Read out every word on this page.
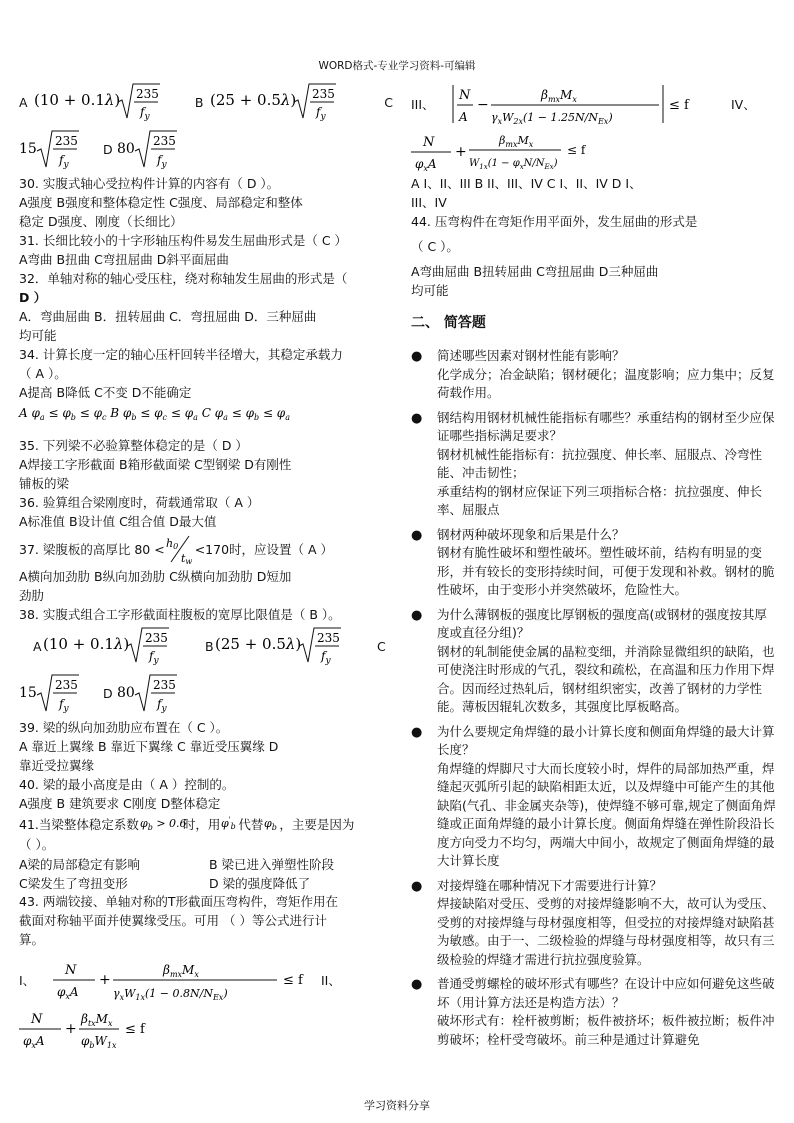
WORD格式-专业学习资料-可编辑
A (10 + 0.1λ) 235
$f_y$
B (25 + 0.5λ) 235
$f_y$
C
15 235
$f_y$
D 80 235
$f_y$

30. 实腹式轴心受拉构件计算的内容有（ D ）。

A强度 B强度和整体稳定性 C强度、局部稳定和整体

稳定 D强度、刚度（长细比）

31. 长细比较小的十字形轴压构件易发生屈曲形式是（ C ）

A弯曲 B扭曲 C弯扭屈曲 D斜平面屈曲

32．单轴对称的轴心受压柱，绕对称轴发生屈曲的形式是（

D ）

A．弯曲屈曲 B．扭转屈曲 C．弯扭屈曲 D．三种屈曲

均可能

34. 计算长度一定的轴心压杆回转半径增大，其稳定承载力

（ A ）。

A提高 B降低 C不变 D不能确定

A $\varphi_a \le \varphi_b \le \varphi_c$ B $\varphi_b \le \varphi_c \le \varphi_a$ C $\varphi_a \le \varphi_b \le \varphi_a$

35. 下列梁不必验算整体稳定的是（ D ）

A焊接工字形截面 B箱形截面梁 C型钢梁 D有刚性

铺板的梁

36. 验算组合梁刚度时，荷载通常取（ A ）

A标准值 B设计值 C组合值 D最大值

37. 梁腹板的高厚比 80 < h0
tw
<170时，应设置（ A ）

A横向加劲肋 B纵向加劲肋 C纵横向加劲肋 D短加

劲肋

38. 实腹式组合工字形截面柱腹板的宽厚比限值是（ B ）。

A (10 + 0.1λ) 235
$f_y$
B (25 + 0.5λ) 235
$f_y$
C
15 235
$f_y$
D 80 235
$f_y$

39. 梁的纵向加劲肋应布置在（ C ）。

A 靠近上翼缘 B 靠近下翼缘 C 靠近受压翼缘 D

靠近受拉翼缘

40. 梁的最小高度是由（ A ）控制的。

A强度 B 建筑要求 C刚度 D整体稳定

41.当梁整体稳定系数 $\varphi_b > 0.6$
时，用 $\varphi'_b$ 代替 $\varphi_b$ ，主要是因为

（ ）。

A梁的局部稳定有影响	B 梁已进入弹塑性阶段
C梁发生了弯扭变形	D 梁的强度降低了

43. 两端铰接、单轴对称的T形截面压弯构件，弯矩作用在

截面对称轴平面并使翼缘受压。可用 （ ）等公式进行计

算。

I、
N
$\varphi_xA$
+
$\beta_{mx}M_x$
$\gamma_xW_{1x}(1 - 0.8N/N_{Ex})$
≤ f II、
N
$\varphi_xA$
+
$\beta_{tx}M_x$
$\varphi_bW_{1x}$
≤ f
III、
N
A
−
$\beta_{mx}M_x$
$\gamma_xW_{2x}(1 - 1.25N/N_{Ex})$
≤ f	IV、
N
$\varphi_xA$
+
$\beta_{mx}M_x$
$W_{1x}(1 - \varphi_xN/N_{Ex})$
≤ f

A I、II、III B II、III、IV C I、II、IV D I、

III、IV

44. 压弯构件在弯矩作用平面外，发生屈曲的形式是

（ C ）。

A弯曲屈曲 B扭转屈曲 C弯扭屈曲 D三种屈曲

均可能

二、 简答题

●	简述哪些因素对钢材性能有影响？

化学成分；冶金缺陷；钢材硬化；温度影响；应力集中；反复荷载作用。

●	钢结构用钢材机械性能指标有哪些？承重结构的钢材至少应保证哪些指标满足要求？

钢材机械性能指标有：抗拉强度、伸长率、屈服点、冷弯性能、冲击韧性；

承重结构的钢材应保证下列三项指标合格：抗拉强度、伸长率、屈服点

●	钢材两种破坏现象和后果是什么？

钢材有脆性破坏和塑性破坏。塑性破坏前，结构有明显的变形，并有较长的变形持续时间，可便于发现和补救。钢材的脆性破坏，由于变形小并突然破坏，危险性大。

●	为什么薄钢板的强度比厚钢板的强度高(或钢材的强度按其厚度或直径分组)？

钢材的轧制能使金属的晶粒变细，并消除显微组织的缺陷，也可使浇注时形成的气孔，裂纹和疏松，在高温和压力作用下焊合。因而经过热轧后，钢材组织密实，改善了钢材的力学性能。薄板因辊轧次数多，其强度比厚板略高。

●	为什么要规定角焊缝的最小计算长度和侧面角焊缝的最大计算长度？

角焊缝的焊脚尺寸大而长度较小时，焊件的局部加热严重，焊缝起灭弧所引起的缺陷相距太近，以及焊缝中可能产生的其他缺陷(气孔、非金属夹杂等)，使焊缝不够可靠,规定了侧面角焊缝或正面角焊缝的最小计算长度。侧面角焊缝在弹性阶段沿长度方向受力不均匀，两端大中间小，故规定了侧面角焊缝的最大计算长度

●	对接焊缝在哪种情况下才需要进行计算？

焊接缺陷对受压、受剪的对接焊缝影响不大，故可认为受压、受剪的对接焊缝与母材强度相等，但受拉的对接焊缝对缺陷甚为敏感。由于一、二级检验的焊缝与母材强度相等，故只有三级检验的焊缝才需进行抗拉强度验算。

●	普通受剪螺栓的破坏形式有哪些？在设计中应如何避免这些破坏（用计算方法还是构造方法）？

破坏形式有：栓杆被剪断；板件被挤坏；板件被拉断；板件冲剪破坏；栓杆受弯破坏。前三种是通过计算避免

学习资料分享
